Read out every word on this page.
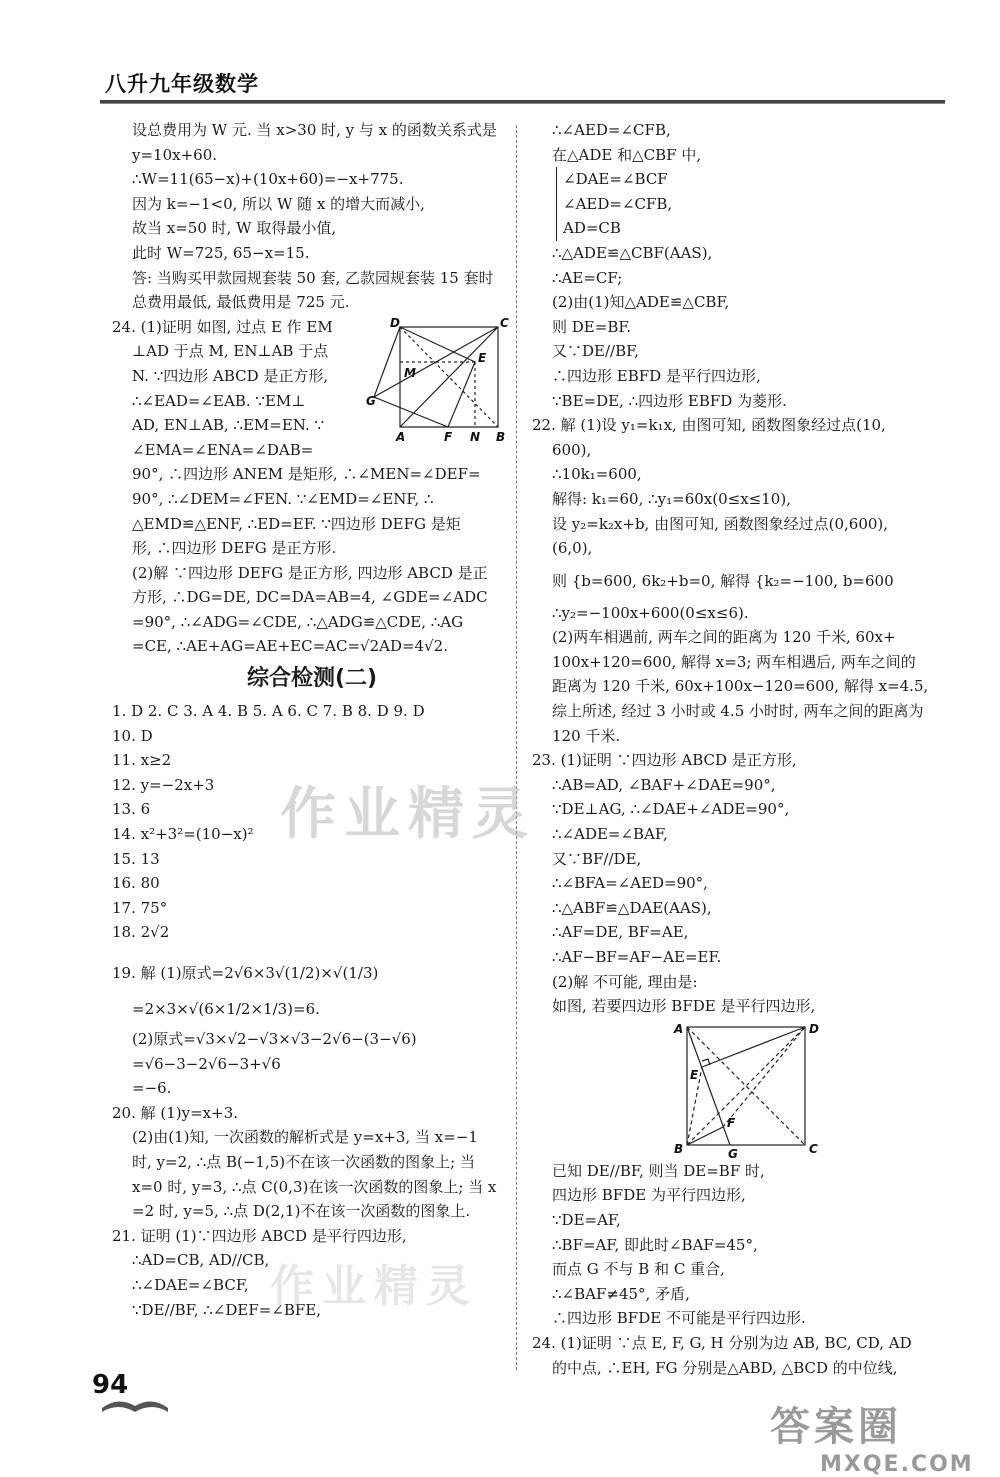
八升九年级数学
设总费用为 W 元. 当 x>30 时, y 与 x 的函数关系式是
y=10x+60.
∴W=11(65−x)+(10x+60)=−x+775.
因为 k=−1<0, 所以 W 随 x 的增大而减小,
故当 x=50 时, W 取得最小值,
此时 W=725, 65−x=15.
答: 当购买甲款园规套装 50 套, 乙款园规套装 15 套时
总费用最低, 最低费用是 725 元.
D	C
M
E
G
A	F N B
24. (1)证明 如图, 过点 E 作 EM
⊥AD 于点 M, EN⊥AB 于点
N. ∵四边形 ABCD 是正方形,
∴∠EAD=∠EAB. ∵EM⊥
AD, EN⊥AB, ∴EM=EN. ∵
∠EMA=∠ENA=∠DAB=
90°, ∴四边形 ANEM 是矩形, ∴∠MEN=∠DEF=
90°, ∴∠DEM=∠FEN. ∵∠EMD=∠ENF, ∴
△EMD≌△ENF, ∴ED=EF. ∵四边形 DEFG 是矩
形, ∴四边形 DEFG 是正方形.
(2)解 ∵四边形 DEFG 是正方形, 四边形 ABCD 是正
方形, ∴DG=DE, DC=DA=AB=4, ∠GDE=∠ADC
=90°, ∴∠ADG=∠CDE, ∴△ADG≌△CDE, ∴AG
=CE, ∴AE+AG=AE+EC=AC=√2AD=4√2.
综合检测(二)
1. D 2. C 3. A 4. B 5. A 6. C 7. B 8. D 9. D
10. D
11. x≥2
12. y=−2x+3
13. 6
14. x²+3²=(10−x)²
15. 13
16. 80
17. 75°
18. 2√2
19. 解 (1)原式=2√6×3√(1/2)×√(1/3)
=2×3×√(6×1/2×1/3)=6.
(2)原式=√3×√2−√3×√3−2√6−(3−√6)
=√6−3−2√6−3+√6
=−6.
20. 解 (1)y=x+3.
(2)由(1)知, 一次函数的解析式是 y=x+3, 当 x=−1
时, y=2, ∴点 B(−1,5)不在该一次函数的图象上; 当
x=0 时, y=3, ∴点 C(0,3)在该一次函数的图象上; 当 x
=2 时, y=5, ∴点 D(2,1)不在该一次函数的图象上.
21. 证明 (1)∵四边形 ABCD 是平行四边形,
∴AD=CB, AD//CB,
∴∠DAE=∠BCF,
∵DE//BF, ∴∠DEF=∠BFE,
∴∠AED=∠CFB,
在△ADE 和△CBF 中,
∠DAE=∠BCF
∠AED=∠CFB,
AD=CB
∴△ADE≌△CBF(AAS),
∴AE=CF;
(2)由(1)知△ADE≌△CBF,
则 DE=BF.
又∵DE//BF,
∴四边形 EBFD 是平行四边形,
∵BE=DE, ∴四边形 EBFD 为菱形.
22. 解 (1)设 y₁=k₁x, 由图可知, 函数图象经过点(10,
600),
∴10k₁=600,
解得: k₁=60, ∴y₁=60x(0≤x≤10),
设 y₂=k₂x+b, 由图可知, 函数图象经过点(0,600),
(6,0),
则 {b=600, 6k₂+b=0, 解得 {k₂=−100, b=600
∴y₂=−100x+600(0≤x≤6).
(2)两车相遇前, 两车之间的距离为 120 千米, 60x+
100x+120=600, 解得 x=3; 两车相遇后, 两车之间的
距离为 120 千米, 60x+100x−120=600, 解得 x=4.5,
综上所述, 经过 3 小时或 4.5 小时时, 两车之间的距离为
120 千米.
23. (1)证明 ∵四边形 ABCD 是正方形,
∴AB=AD, ∠BAF+∠DAE=90°,
∵DE⊥AG, ∴∠DAE+∠ADE=90°,
∴∠ADE=∠BAF,
又∵BF//DE,
∴∠BFA=∠AED=90°,
∴△ABF≌△DAE(AAS),
∴AF=DE, BF=AE,
∴AF−BF=AF−AE=EF.
(2)解 不可能, 理由是:
如图, 若要四边形 BFDE 是平行四边形,
A	D
E
F
B	G	C
已知 DE//BF, 则当 DE=BF 时,
四边形 BFDE 为平行四边形,
∵DE=AF,
∴BF=AF, 即此时∠BAF=45°,
而点 G 不与 B 和 C 重合,
∴∠BAF≠45°, 矛盾,
∴四边形 BFDE 不可能是平行四边形.
24. (1)证明 ∵点 E, F, G, H 分别为边 AB, BC, CD, AD
的中点, ∴EH, FG 分别是△ABD, △BCD 的中位线,
作业精灵
作业精灵
94
答案圈
MXQE.COM
